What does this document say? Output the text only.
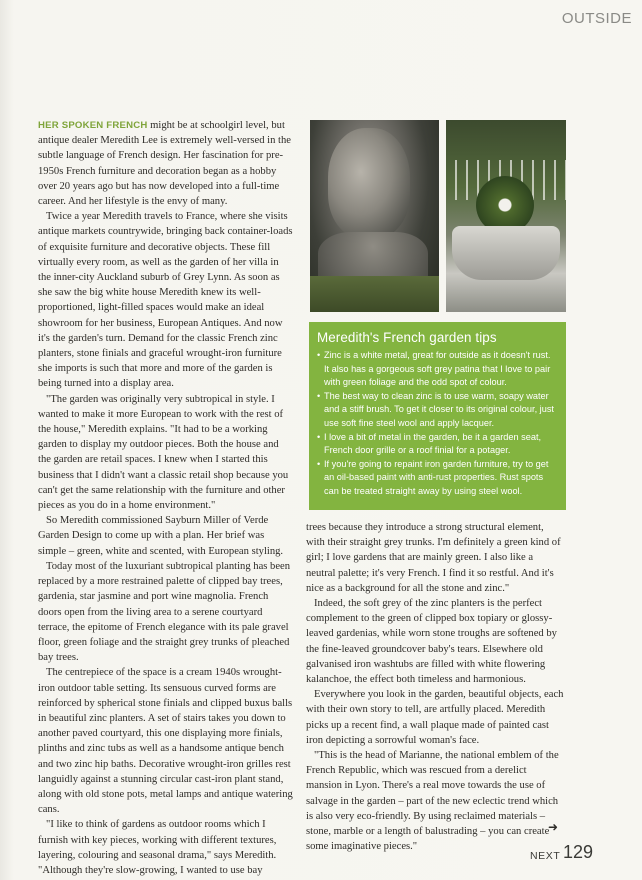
OUTSIDE

HER SPOKEN FRENCH might be at schoolgirl level, but antique dealer Meredith Lee is extremely well-versed in the subtle language of French design. Her fascination for pre-1950s French furniture and decoration began as a hobby over 20 years ago but has now developed into a full-time career. And her lifestyle is the envy of many.

Twice a year Meredith travels to France, where she visits antique markets countrywide, bringing back container-loads of exquisite furniture and decorative objects. These fill virtually every room, as well as the garden of her villa in the inner-city Auckland suburb of Grey Lynn. As soon as she saw the big white house Meredith knew its well-proportioned, light-filled spaces would make an ideal showroom for her business, European Antiques. And now it's the garden's turn. Demand for the classic French zinc planters, stone finials and graceful wrought-iron furniture she imports is such that more and more of the garden is being turned into a display area.

"The garden was originally very subtropical in style. I wanted to make it more European to work with the rest of the house," Meredith explains. "It had to be a working garden to display my outdoor pieces. Both the house and the garden are retail spaces. I knew when I started this business that I didn't want a classic retail shop because you can't get the same relationship with the furniture and other pieces as you do in a home environment."

So Meredith commissioned Sayburn Miller of Verde Garden Design to come up with a plan. Her brief was simple – green, white and scented, with European styling.

Today most of the luxuriant subtropical planting has been replaced by a more restrained palette of clipped bay trees, gardenia, star jasmine and port wine magnolia. French doors open from the living area to a serene courtyard terrace, the epitome of French elegance with its pale gravel floor, green foliage and the straight grey trunks of pleached bay trees.

The centrepiece of the space is a cream 1940s wrought-iron outdoor table setting. Its sensuous curved forms are reinforced by spherical stone finials and clipped buxus balls in beautiful zinc planters. A set of stairs takes you down to another paved courtyard, this one displaying more finials, plinths and zinc tubs as well as a handsome antique bench and two zinc hip baths. Decorative wrought-iron grilles rest languidly against a stunning circular cast-iron plant stand, along with old stone pots, metal lamps and antique watering cans.

"I like to think of gardens as outdoor rooms which I furnish with key pieces, working with different textures, layering, colouring and seasonal drama," says Meredith. "Although they're slow-growing, I wanted to use bay

Meredith's French garden tips
• Zinc is a white metal, great for outside as it doesn't rust. It also has a gorgeous soft grey patina that I love to pair with green foliage and the odd spot of colour.
• The best way to clean zinc is to use warm, soapy water and a stiff brush. To get it closer to its original colour, just use soft fine steel wool and apply lacquer.
• I love a bit of metal in the garden, be it a garden seat, French door grille or a roof finial for a potager.
• If you're going to repaint iron garden furniture, try to get an oil-based paint with anti-rust properties. Rust spots can be treated straight away by using steel wool.

trees because they introduce a strong structural element, with their straight grey trunks. I'm definitely a green kind of girl; I love gardens that are mainly green. I also like a neutral palette; it's very French. I find it so restful. And it's nice as a background for all the stone and zinc."

Indeed, the soft grey of the zinc planters is the perfect complement to the green of clipped box topiary or glossy-leaved gardenias, while worn stone troughs are softened by the fine-leaved groundcover baby's tears. Elsewhere old galvanised iron washtubs are filled with white flowering kalanchoe, the effect both timeless and harmonious.

Everywhere you look in the garden, beautiful objects, each with their own story to tell, are artfully placed. Meredith picks up a recent find, a wall plaque made of painted cast iron depicting a sorrowful woman's face.

"This is the head of Marianne, the national emblem of the French Republic, which was rescued from a derelict mansion in Lyon. There's a real move towards the use of salvage in the garden – part of the new eclectic trend which is also very eco-friendly. By using reclaimed materials – stone, marble or a length of balustrading – you can create some imaginative pieces."

➜
NEXT 129
